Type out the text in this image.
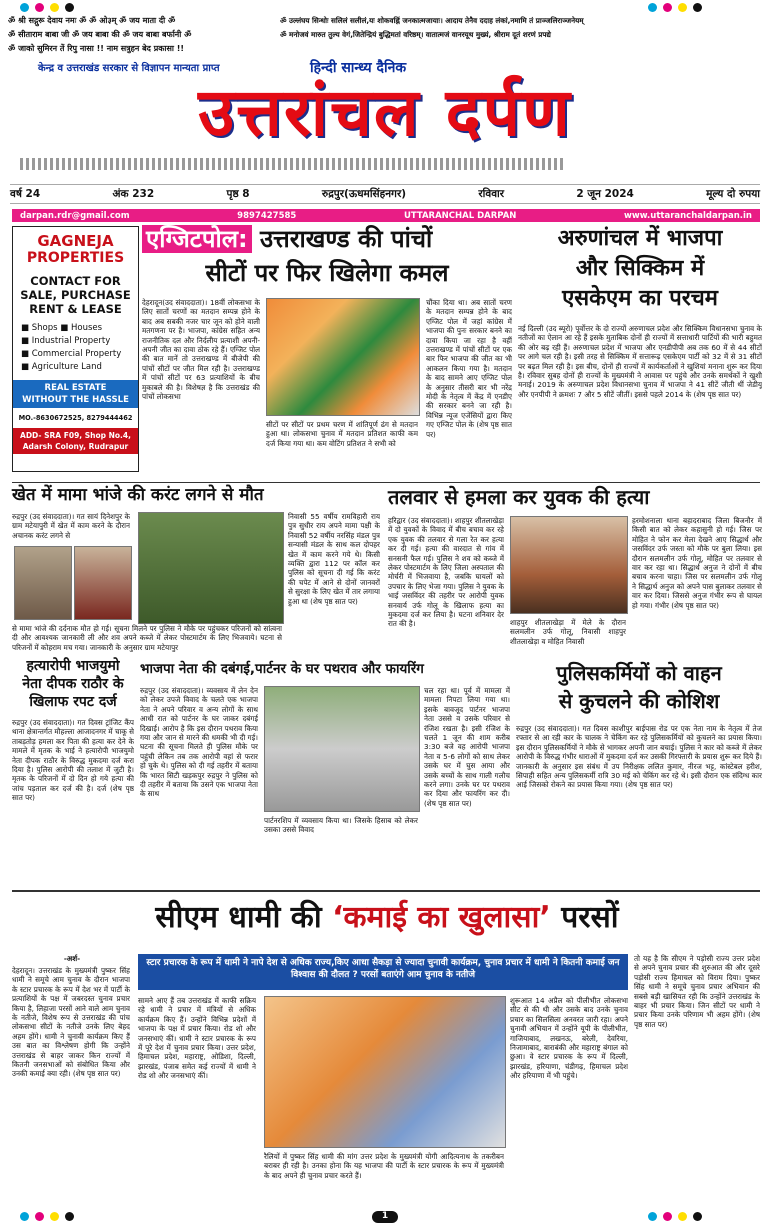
ॐ श्री सद्गुरू देवाय नमः ॐ ॐ ओ३म् ॐ जय माता दी ॐ
ॐ सीताराम बाबा जी ॐ जय बाबा की ॐ जय बाबा बर्फानी ॐ
ॐ जाको सुमिरन तें रिपु नासा !! नाम सत्रुहन बेद प्रकासा !!
ॐ उल्लंघय सिन्धोः सलिलं सलीलं,यः शोकवह्निं जनकात्मजायाः। आदाय तेनैव ददाह लंकां,नमामि तं प्राञ्जलिराञ्जनेयम्
ॐ मनोजवं मारुत तुल्य वेगं,जितेन्द्रियं बुद्धिमतां वरिष्ठम्। वातात्मजं वानरयूथ मुख्यं, श्रीराम दूतं शरणं प्रपद्ये
केन्द्र व उत्तराखंड सरकार से विज्ञापन मान्यता प्राप्त	हिन्दी सान्ध्य दैनिक
उत्तरांचल दर्पण
वर्ष 24	अंक 232	पृष्ठ 8	रुद्रपुर(ऊधमसिंहनगर)	रविवार	2 जून 2024	मूल्य दो रुपया
darpan.rdr@gmail.com	9897427585	UTTARANCHAL DARPAN	www.uttaranchaldarpan.in
GAGNEJA
PROPERTIES
CONTACT FOR
SALE, PURCHASE
RENT & LEASE
■ Shops ■ Houses
■ Industrial Property
■ Commercial Property
■ Agriculture Land
REAL ESTATE
WITHOUT THE HASSLE
MO.-8630672525, 8279444462
ADD- SRA F09, Shop No.4,
Adarsh Colony, Rudrapur
एग्जिटपोल: उत्तराखण्ड की पांचों
सीटों पर फिर खिलेगा कमल
देहरादून(उद संवाददाता)। 18वीं लोकसभा के लिए सातों चरणों का मतदान सम्पन्न होने के बाद अब सबकी नजर चार जून को होने वाली मतगणना पर है। भाजपा, कांग्रेस सहित अन्य राजनीतिक दल और निर्दलीय प्रत्याशी अपनी-अपनी जीत का दावा ठोक रहे हैं। एग्जिट पोल की बात मानें तो उत्तराखण्ड में बीजेपी की पांचों सीटों पर जीत मिल रही है। उत्तराखण्ड में पांचों सीटों पर 63 प्रत्याशियों के बीच मुकाबले की है। विशेषज्ञ है कि उत्तराखंड की पांचों लोकसभा
सीटों पर सीटों पर प्रथम चरण में शांतिपूर्ण ढंग से मतदान हुआ था। लोकसभा चुनाव में मतदान प्रतिशत काफी कम दर्ज किया गया था। कम वोटिंग प्रतिशत ने सभी को
चौंका दिया था। अब सातों चरण के मतदान सम्पन्न होने के बाद एग्जिट पोल में जहां कांग्रेस में भाजपा की पुनः सरकार बनने का दावा किया जा रहा है वहीं उत्तराखण्ड में पांचों सीटों पर एक बार फिर भाजपा की जीत का भी आकलन किया गया है। मतदान के बाद सामने आए एग्जिट पोल के अनुसार तीसरी बार भी नरेंद्र मोदी के नेतृत्व में केंद्र में एनडीए की सरकार बनने जा रही है। विभिन्न न्यूज एजेंसियों द्वारा किए गए एग्जिट पोल के (शेष पृष्ठ सात पर)
अरुणांचल में भाजपा
और सिक्किम में
एसकेएम का परचम
नई दिल्ली (उद ब्यूरो) पूर्वोत्तर के दो राज्यों अरुणाचल प्रदेश और सिक्किम विधानसभा चुनाव के नतीजों का ऐलान आ रहे हैं इसके मुताबिक दोनों ही राज्यों में सत्ताधारी पार्टियों की भारी बहुमत की ओर बढ़ रही हैं। अरुणाचल प्रदेश में भाजपा और एनडीपीपी अब तक 60 में से 44 सीटों पर आगे चल रही है। इसी तरह से सिक्किम में सत्तारूढ़ एसकेएम पार्टी को 32 में से 31 सीटों पर बढ़त मिल रही है। इस बीच, दोनों ही राज्यों में कार्यकर्ताओं ने खुशियां मनाना शुरू कर दिया है। रविवार सुबह दोनों ही राज्यों के मुख्यमंत्री ने आवास पर पहुंचे और उनके समर्थकों ने खुशी मनाई। 2019 के अरुणाचल प्रदेश विधानसभा चुनाव में भाजपा ने 41 सीटें जीती थीं जेडीयू और एनपीपी ने क्रमशः 7 और 5 सीटें जीतीं। इससे पहले 2014 के (शेष पृष्ठ सात पर)
खेत में मामा भांजे की करंट लगने से मौत
रुद्रपुर (उद संवाददाता)। गत सायं दिनेशपुर के ग्राम मटेयापुरी में खेत में काम करने के दौरान अचानक करंट लगने से
से मामा भांजे की दर्दनाक मौत हो गई। सूचना मिलने पर पुलिस ने मौके पर पहुंचकर परिजनों को सांत्वना दी और आवश्यक जानकारी ली और शव अपने कब्जे में लेकर पोस्टमार्टम के लिए भिजवाये। घटना से परिजनों में कोहराम मच गया। जानकारी के अनुसार ग्राम मटेयापुर
निवासी 55 वर्षीय रामविहारी राय पुत्र सुधीर राय अपने मामा पक्षी के निवासी 52 वर्षीय नरसिंह मंडल पुत्र सन्यासी मंडल के साथ कल दोपहर खेत में काम करने गये थे। किसी व्यक्ति द्वारा 112 पर कॉल कर पुलिस को सूचना दी गई कि करंट की चपेट में आने से दोनों जानवरों से सुरक्षा के लिए खेत में तार लगाया हुआ था (शेष पृष्ठ सात पर)
हत्यारोपी भाजयुमो
नेता दीपक राठौर के
खिलाफ रपट दर्ज
रुद्रपुर (उद संवाददाता)। गत दिवस ट्रांजिट कैंप थाना क्षेत्रान्तर्गत मौहल्ला आजादनगर में चाकू से ताबड़तोड़ हमला कर पिता की हत्या कर देने के मामले में मृतक के भाई ने हत्यारोपी भाजयुमो नेता दीपक राठौर के विरुद्ध मुकदमा दर्ज करा दिया है। पुलिस आरोपी की तलाश में जुटी है। मृतक के परिजनों में दो दिन हो गये हत्या की जांच पड़ताल कर दर्ज की है। दर्ज (शेष पृष्ठ सात पर)
तलवार से हमला कर युवक की हत्या
हरिद्वार (उद संवाददाता)। शाहपुर शीतलाखेड़ा में दो युवकों के विवाद में बीच बचाव कर रहे एक युवक की तलवार से गला रेत कर हत्या कर दी गई। हत्या की वारदात से गांव में सनसनी फैल गई। पुलिस ने शव को कब्जे में लेकर पोस्टमार्टम के लिए जिला अस्पताल की मोर्चरी में भिजवाया है, जबकि घायलों को उपचार के लिए भेजा गया। पुलिस ने युवक के भाई जसविंदर की तहरीर पर आरोपी युवक सनवार्य उर्फ गोलू के खिलाफ हत्या का मुकदमा दर्ज कर लिया है। घटना शनिवार देर रात की है।	शाहपुर शीतलाखेड़ा में मेले के दौरान सलमलीन उर्फ गोलू, निवासी शाहपुर शीतलाखेड़ा व मोहित निवासी
हरमोशनाला थाना बहादराबाद जिला बिजनौर में किसी बात को लेकर कहासुनी हो गई। जिस पर मोहित ने फोन कर मेला देखने आए सिद्धार्थ और जसविंदर उर्फ जस्ता को मौके पर बुला लिया। इस दौरान सलमलीन उर्फ गोलू, मोहित पर तलवार से वार कर रहा था। सिद्धार्थ अनुज ने दोनों में बीच बचाव करना चाहा। जिस पर सलमलीन उर्फ गोलू ने सिद्धार्थ अनुज को अपने पास बुलाकर तलवार से वार कर दिया। जिससे अनुज गंभीर रूप से घायल हो गया। गंभीर (शेष पृष्ठ सात पर)
भाजपा नेता की दबंगई,पार्टनर के घर पथराव और फायरिंग
रुद्रपुर (उद संवाददाता)। व्यवसाय में लेन देन को लेकर उपजे विवाद के चलते एक भाजपा नेता ने अपने परिवार व अन्य लोगों के साथ आधी रात को पार्टनर के घर जाकर दबंगई दिखाई। आरोप है कि इस दौरान पथराव किया गया और जान से मारने की धमकी भी दी गई। घटना की सूचना मिलते ही पुलिस मौके पर पहुंची लेकिन तब तक आरोपी वहां से फरार हो चुके थे। पुलिस को दी गई तहरीर में बताया कि भारत सिटी खड़कपुर रुद्रपुर ने पुलिस को दी तहरीर में बताया कि उसने एक भाजपा नेता के साथ
पार्टनरशिप में व्यवसाय किया था। जिसके हिसाब को लेकर उसका उससे विवाद
चल रहा था। पूर्व में मामला में मामला निपटा लिया गया था। इसके बावजूद पार्टनर भाजपा नेता उससे व उसके परिवार से रंजिश रखता है। इसी रंजिश के चलते 1 जून की शाम करीब 3:30 बजे वह आरोपी भाजपा नेता व 5-6 लोगों को साथ लेकर उसके घर में घुस आया और उसके बच्चों के साथ गाली गलौच करने लगा। उनके घर पर पथराव कर दिया और फायरिंग कर दी। (शेष पृष्ठ सात पर)
पुलिसकर्मियों को वाहन
से कुचलने की कोशिश
रुद्रपुर (उद संवाददाता)। गत दिवस काशीपुर बाईपास रोड पर एक नेता नाम के नेतृत्व में तेज रफ्तार से आ रही कार के चालक ने चेकिंग कर रहे पुलिसकर्मियों को कुचलने का प्रयास किया। इस दौरान पुलिसकर्मियों ने मौके से भागकर अपनी जान बचाई। पुलिस ने कार को कब्जे में लेकर आरोपी के विरुद्ध गंभीर धाराओं में मुकदमा दर्ज कर उसकी गिरफ्तारी के प्रयास शुरू कर दिये हैं। जानकारी के अनुसार इस संबंध में उप निरीक्षक ललित कुमार, नीरज भट्ट, कांस्टेबल हरीश, सिपाही सहित अन्य पुलिसकर्मी रात्रि 30 मई को चेकिंग कर रहे थे। इसी दौरान एक संदिग्ध कार आई जिसको रोकने का प्रयास किया गया। (शेष पृष्ठ सात पर)
सीएम धामी की ‘कमाई का खुलासा’ परसों
-अर्श-
देहरादून। उत्तराखंड के मुख्यमंत्री पुष्कर सिंह धामी ने समूचे आम चुनाव के दौरान भाजपा के स्टार प्रचारक के रूप में देश भर में पार्टी के प्रत्याशियों के पक्ष में जबरदस्त चुनाव प्रचार किया है, लिहाजा परसों आने वाले आम चुनाव के नतीजे, विशेष रूप से उत्तराखंड की पांच लोकसभा सीटों के नतीजे उनके लिए बेहद अहम होंगे। धामी ने चुनावी कार्यक्रम किए हैं उस बात का विश्लेषण होगी कि उन्होंने उत्तराखंड से बाहर जाकर किन राज्यों में कितनी जनसभाओं को संबोधित किया और उनकी कमाई क्या रही। (शेष पृष्ठ सात पर)
स्टार प्रचारक के रूप में धामी ने नापे देश से अधिक राज्य,किए आधा सैकड़ा से ज्यादा चुनावी कार्यक्रम, चुनाव प्रचार में धामी ने कितनी कमाई जन विश्वास की दौलत ? परसों बताएंगे आम चुनाव के नतीजे
सामने आए हैं तब उत्तराखंड में काफी सक्रिय रहे धामी ने प्रचार में मंत्रियों से अधिक कार्यक्रम किए हैं। उन्होंने विभिन्न प्रदेशों में भाजपा के पक्ष में प्रचार किया। रोड शो और जनसभाएं कीं। धामी ने स्टार प्रचारक के रूप में पूरे देश में चुनाव प्रचार किया। उत्तर प्रदेश, हिमाचल प्रदेश, महाराष्ट्र, ओडिशा, दिल्ली, झारखंड, पंजाब समेत कई राज्यों में धामी ने रोड शो और जनसभाएं कीं।
रैलियों में पुष्कर सिंह धामी की मांग उत्तर प्रदेश के मुख्यमंत्री योगी आदित्यनाथ के तकरीबन बराबर ही रही है। उनका होना कि यह भाजपा की पार्टी के स्टार प्रचारक के रूप में मुख्यमंत्री के बाद अपने ही चुनाव प्रचार करते हैं।
शुरूआत 14 अप्रैल को पीलीभीत लोकसभा सीट से की थी और उसके बाद उनके चुनाव प्रचार का सिलसिला अनवरत जारी रहा। अपने चुनावी अभियान में उन्होंने यूपी के पीलीभीत, गाजियाबाद, लखनऊ, बरेली, देवरिया, निजामाबाद, बाराबंकी और महाराष्ट्र बंगाल को छुआ। वे स्टार प्रचारक के रूप में दिल्ली, झारखंड, हरियाणा, चंडीगढ़, हिमाचल प्रदेश और हरियाणा में भी पहुंचे।
तो यह है कि सीएम ने पड़ोसी राज्य उत्तर प्रदेश से अपने चुनाव प्रचार की शुरुआत की और दूसरे पड़ोसी राज्य हिमाचल को विराम दिया। पुष्कर सिंह धामी ने समूचे चुनाव प्रचार अभियान की सबसे बड़ी खासियत रही कि उन्होंने उत्तराखंड के बाहर भी प्रचार किया। जिन सीटों पर धामी ने प्रचार किया उनके परिणाम भी अहम होंगे। (शेष पृष्ठ सात पर)
1
